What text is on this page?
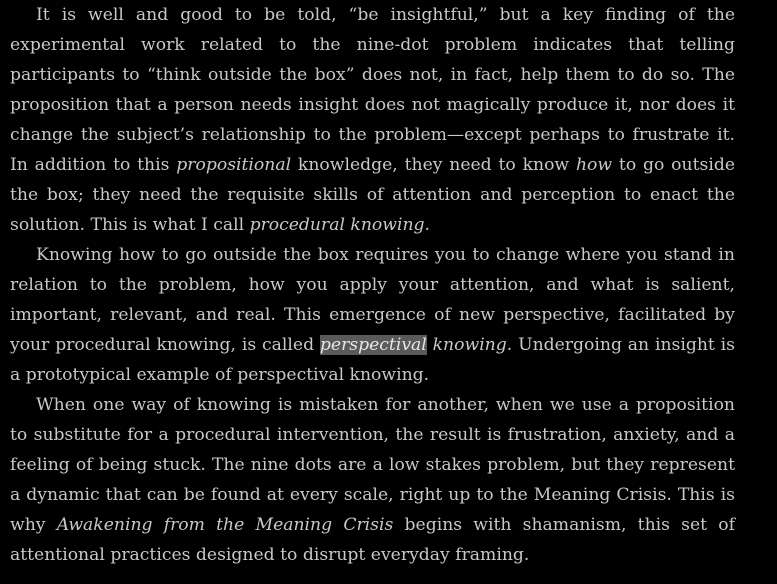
It is well and good to be told, “be insightful,” but a key finding of the experimental work related to the nine-dot problem indicates that telling participants to “think outside the box” does not, in fact, help them to do so. The proposition that a person needs insight does not magically produce it, nor does it change the subject’s relationship to the problem—except perhaps to frustrate it. In addition to this propositional knowledge, they need to know how to go outside the box; they need the requisite skills of attention and perception to enact the solution. This is what I call procedural knowing.

Knowing how to go outside the box requires you to change where you stand in relation to the problem, how you apply your attention, and what is salient, important, relevant, and real. This emergence of new perspective, facilitated by your procedural knowing, is called perspectival knowing. Undergoing an insight is a prototypical example of perspectival knowing.

When one way of knowing is mistaken for another, when we use a proposition to substitute for a procedural intervention, the result is frustration, anxiety, and a feeling of being stuck. The nine dots are a low stakes problem, but they represent a dynamic that can be found at every scale, right up to the Meaning Crisis. This is why Awakening from the Meaning Crisis begins with shamanism, this set of attentional practices designed to disrupt everyday framing.
